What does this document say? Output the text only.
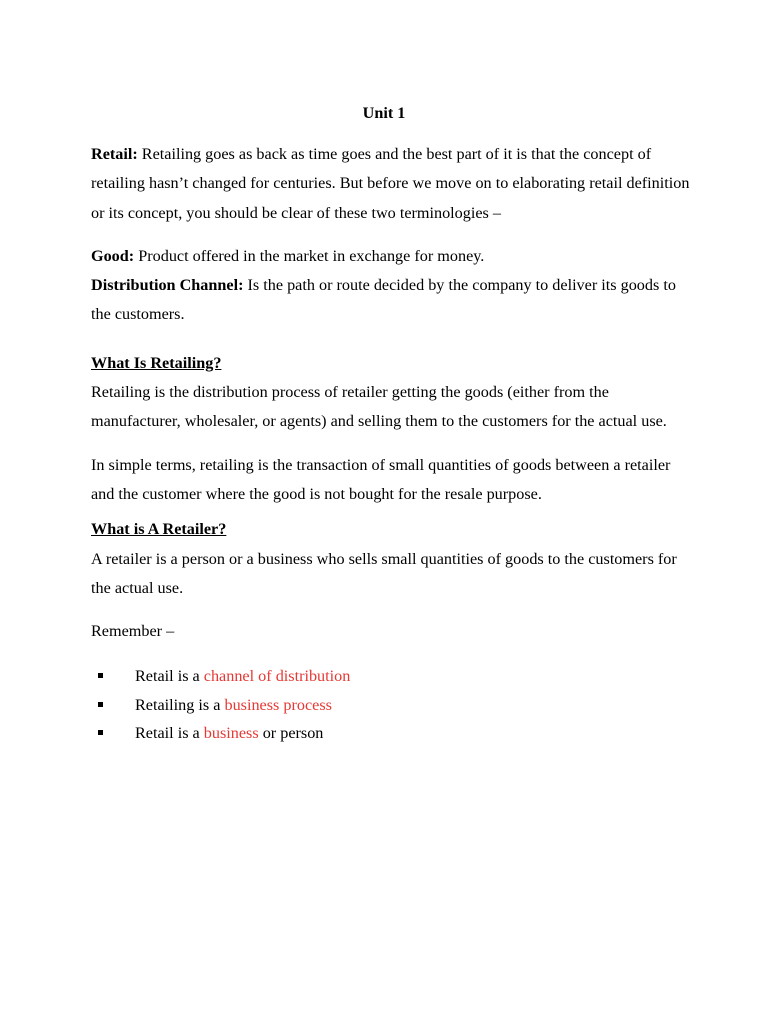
Unit 1

Retail: Retailing goes as back as time goes and the best part of it is that the concept of retailing hasn’t changed for centuries. But before we move on to elaborating retail definition or its concept, you should be clear of these two terminologies –

Good: Product offered in the market in exchange for money.

Distribution Channel: Is the path or route decided by the company to deliver its goods to the customers.

What Is Retailing?

Retailing is the distribution process of retailer getting the goods (either from the manufacturer, wholesaler, or agents) and selling them to the customers for the actual use.

In simple terms, retailing is the transaction of small quantities of goods between a retailer and the customer where the good is not bought for the resale purpose.

What is A Retailer?

A retailer is a person or a business who sells small quantities of goods to the customers for the actual use.

Remember –

Retail is a channel of distribution
Retailing is a business process
Retail is a business or person
